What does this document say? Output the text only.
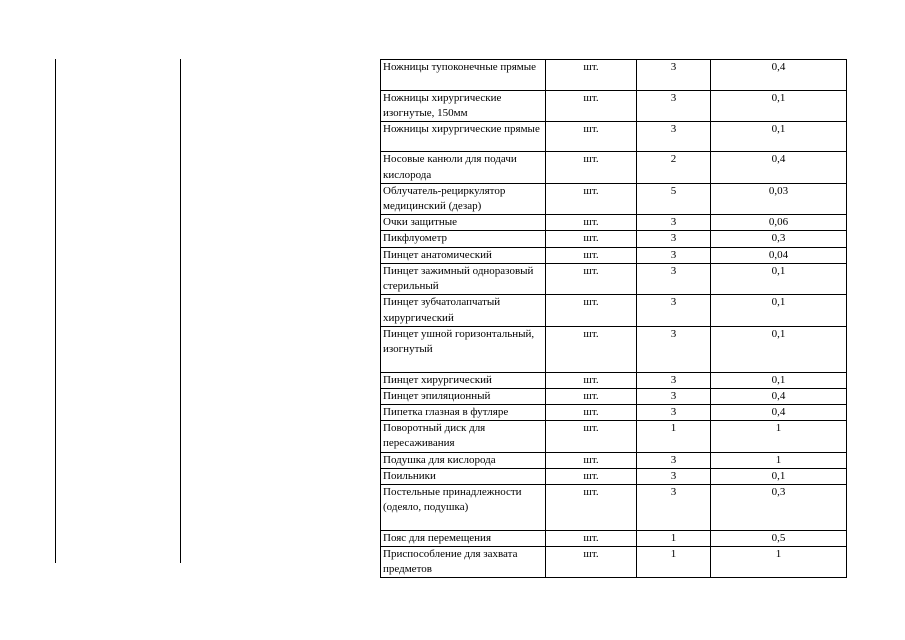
Ножницы тупоконечные прямые	шт.	3	0,4
Ножницы хирургические изогнутые, 150мм	шт.	3	0,1
Ножницы хирургические прямые	шт.	3	0,1
Носовые канюли для подачи кислорода	шт.	2	0,4
Облучатель-рециркулятор медицинский (дезар)	шт.	5	0,03
Очки защитные	шт.	3	0,06
Пикфлуометр	шт.	3	0,3
Пинцет анатомический	шт.	3	0,04
Пинцет зажимный одноразовый стерильный	шт.	3	0,1
Пинцет зубчатолапчатый хирургический	шт.	3	0,1
Пинцет ушной горизонтальный, изогнутый	шт.	3	0,1
Пинцет хирургический	шт.	3	0,1
Пинцет эпиляционный	шт.	3	0,4
Пипетка глазная в футляре	шт.	3	0,4
Поворотный диск для пересаживания	шт.	1	1
Подушка для кислорода	шт.	3	1
Поильники	шт.	3	0,1
Постельные принадлежности (одеяло, подушка)	шт.	3	0,3
Пояс для перемещения	шт.	1	0,5
Приспособление для захвата предметов	шт.	1	1
